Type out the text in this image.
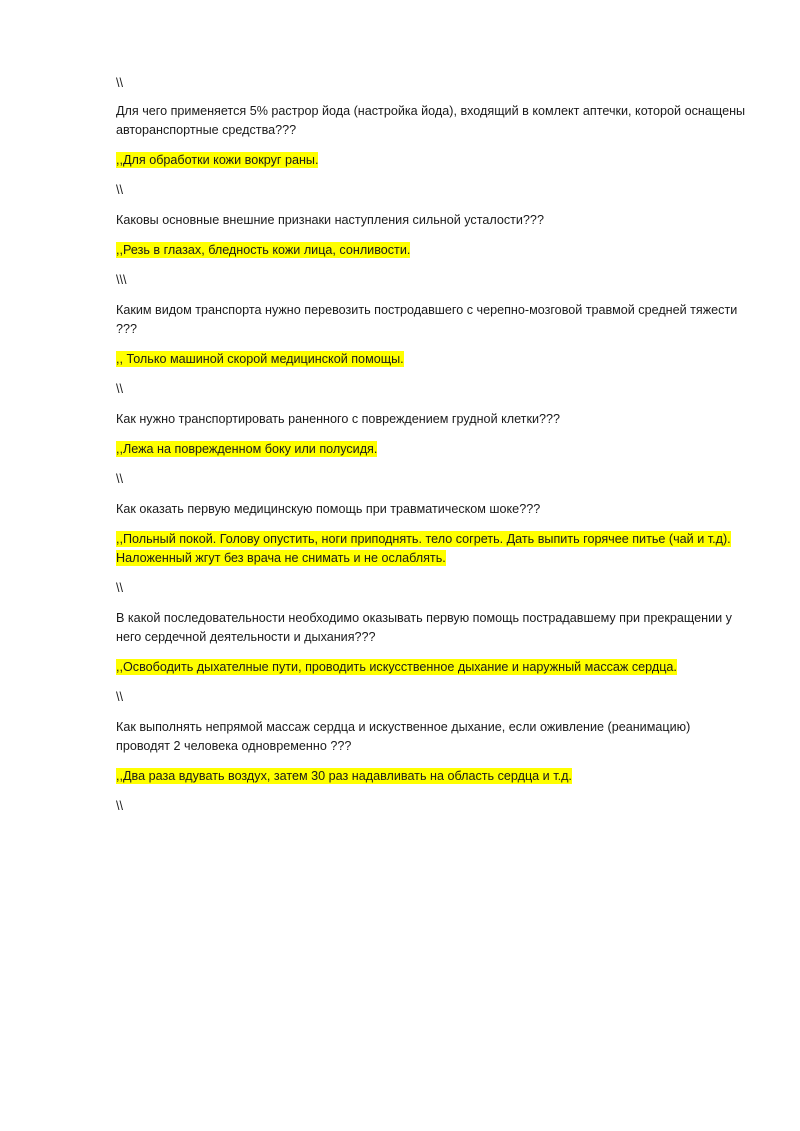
\\

Для чего применяется 5% растрор йода (настройка йода), входящий в комлект аптечки, которой оснащены авторанспортные средства???

,,Для обработки кожи вокруг раны.

\\

Каковы основные внешние признаки наступления сильной усталости???

,,Резь в глазах, бледность кожи лица, сонливости.

\\\

Каким видом транспорта нужно перевозить постродавшего с черепно-мозговой травмой средней тяжести ???

,, Только машиной скорой медицинской помощы.

\\

Как нужно транспортировать раненного с повреждением грудной клетки???

,,Лежа на поврежденном боку или полусидя.

\\

Как оказать первую медицинскую помощь при травматическом шоке???

,,Польный покой. Голову опустить, ноги приподнять. тело согреть. Дать выпить горячее питье (чай и т.д). Наложенный жгут без врача не снимать и не ослаблять.

\\

В какой последовательности необходимо оказывать первую помощь пострадавшему при прекращении у него сердечной деятельности и дыхания???

,,Освободить дыхателные пути, проводить искусственное дыхание и наружный массаж сердца.

\\

Как выполнять непрямой массаж сердца и искуственное дыхание, если оживление (реанимацию) проводят 2 человека одновременно ???

,,Два раза вдувать воздух, затем 30 раз надавливать на область сердца и т.д.

\\
